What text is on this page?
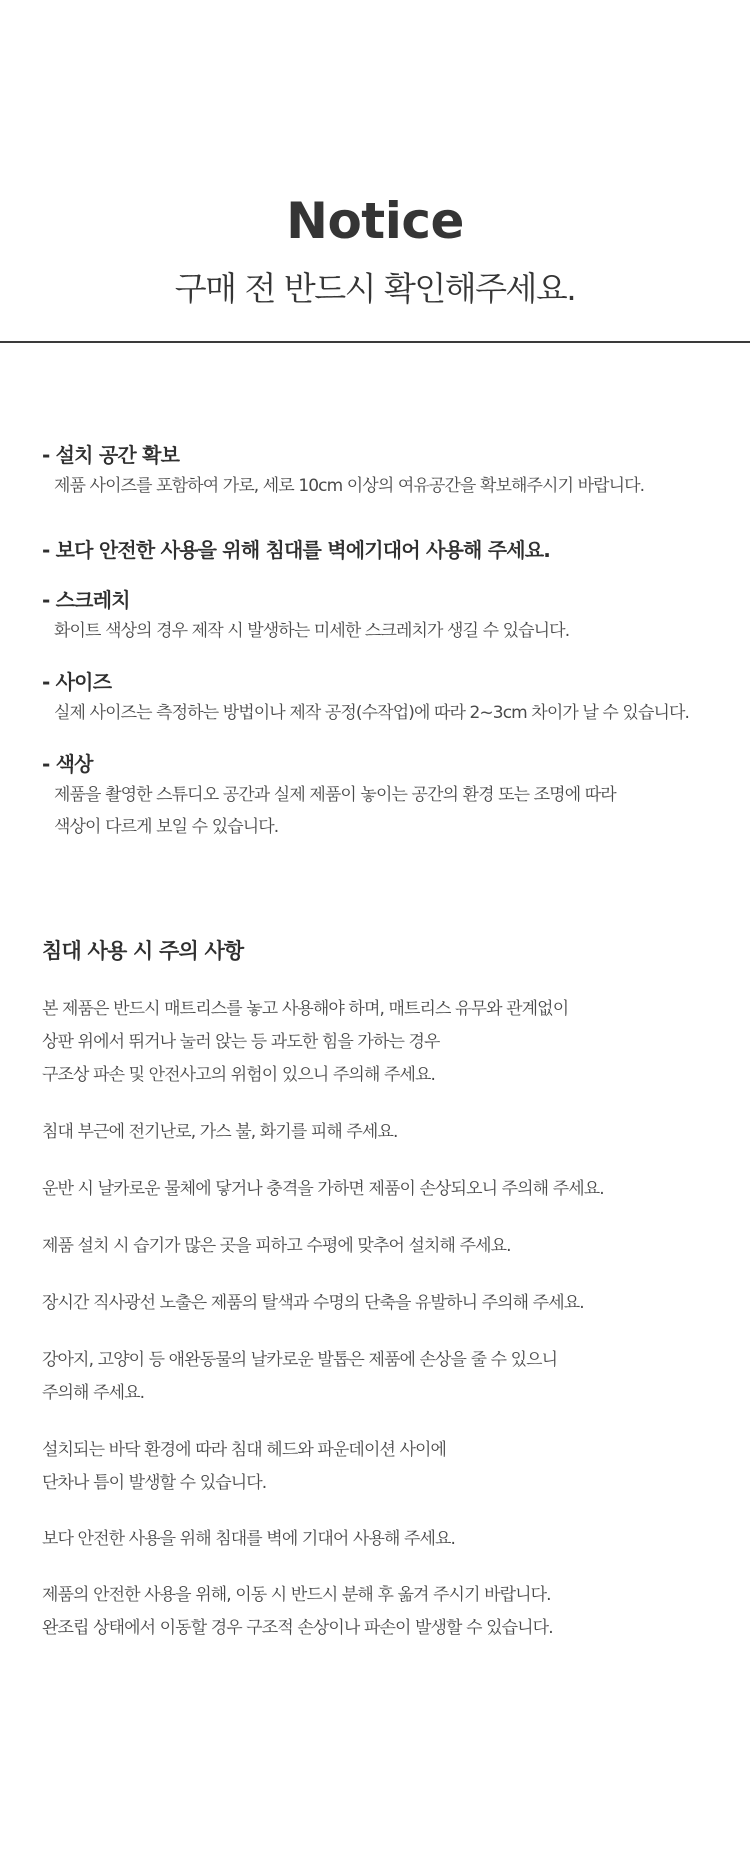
Notice
구매 전 반드시 확인해주세요.
- 설치 공간 확보
제품 사이즈를 포함하여 가로, 세로 10cm 이상의 여유공간을 확보해주시기 바랍니다.
- 보다 안전한 사용을 위해 침대를 벽에기대어 사용해 주세요.
- 스크레치
화이트 색상의 경우 제작 시 발생하는 미세한 스크레치가 생길 수 있습니다.
- 사이즈
실제 사이즈는 측정하는 방법이나 제작 공정(수작업)에 따라 2~3cm 차이가 날 수 있습니다.
- 색상
제품을 촬영한 스튜디오 공간과 실제 제품이 놓이는 공간의 환경 또는 조명에 따라
색상이 다르게 보일 수 있습니다.
침대 사용 시 주의 사항
본 제품은 반드시 매트리스를 놓고 사용해야 하며, 매트리스 유무와 관계없이
상판 위에서 뛰거나 눌러 앉는 등 과도한 힘을 가하는 경우
구조상 파손 및 안전사고의 위험이 있으니 주의해 주세요.
침대 부근에 전기난로, 가스 불, 화기를 피해 주세요.
운반 시 날카로운 물체에 닿거나 충격을 가하면 제품이 손상되오니 주의해 주세요.
제품 설치 시 습기가 많은 곳을 피하고 수평에 맞추어 설치해 주세요.
장시간 직사광선 노출은 제품의 탈색과 수명의 단축을 유발하니 주의해 주세요.
강아지, 고양이 등 애완동물의 날카로운 발톱은 제품에 손상을 줄 수 있으니
주의해 주세요.
설치되는 바닥 환경에 따라 침대 헤드와 파운데이션 사이에
단차나 틈이 발생할 수 있습니다.
보다 안전한 사용을 위해 침대를 벽에 기대어 사용해 주세요.
제품의 안전한 사용을 위해, 이동 시 반드시 분해 후 옮겨 주시기 바랍니다.
완조립 상태에서 이동할 경우 구조적 손상이나 파손이 발생할 수 있습니다.
